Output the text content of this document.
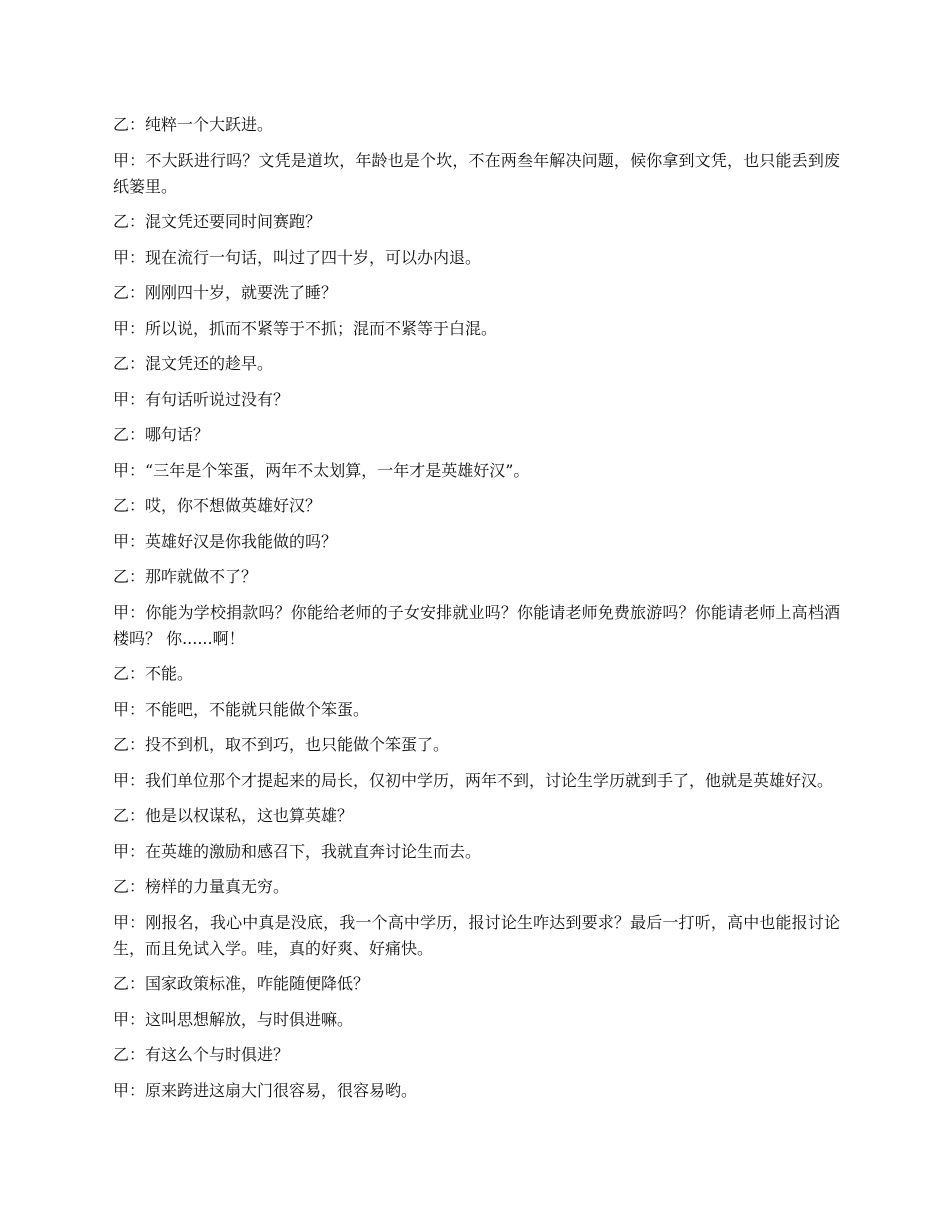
乙：纯粹一个大跃进。

甲：不大跃进行吗？文凭是道坎，年龄也是个坎，不在两叁年解决问题，候你拿到文凭，也只能丢到废纸篓里。

乙：混文凭还要同时间赛跑？

甲：现在流行一句话，叫过了四十岁，可以办内退。

乙：刚刚四十岁，就要洗了睡？

甲：所以说，抓而不紧等于不抓；混而不紧等于白混。

乙：混文凭还的趁早。

甲：有句话听说过没有？

乙：哪句话？

甲：“三年是个笨蛋，两年不太划算，一年才是英雄好汉”。

乙：哎，你不想做英雄好汉？

甲：英雄好汉是你我能做的吗？

乙：那咋就做不了？

甲：你能为学校捐款吗？你能给老师的子女安排就业吗？你能请老师免费旅游吗？你能请老师上高档酒楼吗？ 你......啊！

乙：不能。

甲：不能吧，不能就只能做个笨蛋。

乙：投不到机，取不到巧，也只能做个笨蛋了。

甲：我们单位那个才提起来的局长，仅初中学历，两年不到，讨论生学历就到手了，他就是英雄好汉。

乙：他是以权谋私，这也算英雄？

甲：在英雄的激励和感召下，我就直奔讨论生而去。

乙：榜样的力量真无穷。

甲：刚报名，我心中真是没底，我一个高中学历，报讨论生咋达到要求？最后一打听，高中也能报讨论生，而且免试入学。哇，真的好爽、好痛快。

乙：国家政策标准，咋能随便降低？

甲：这叫思想解放，与时俱进嘛。

乙：有这么个与时俱进？

甲：原来跨进这扇大门很容易，很容易哟。
